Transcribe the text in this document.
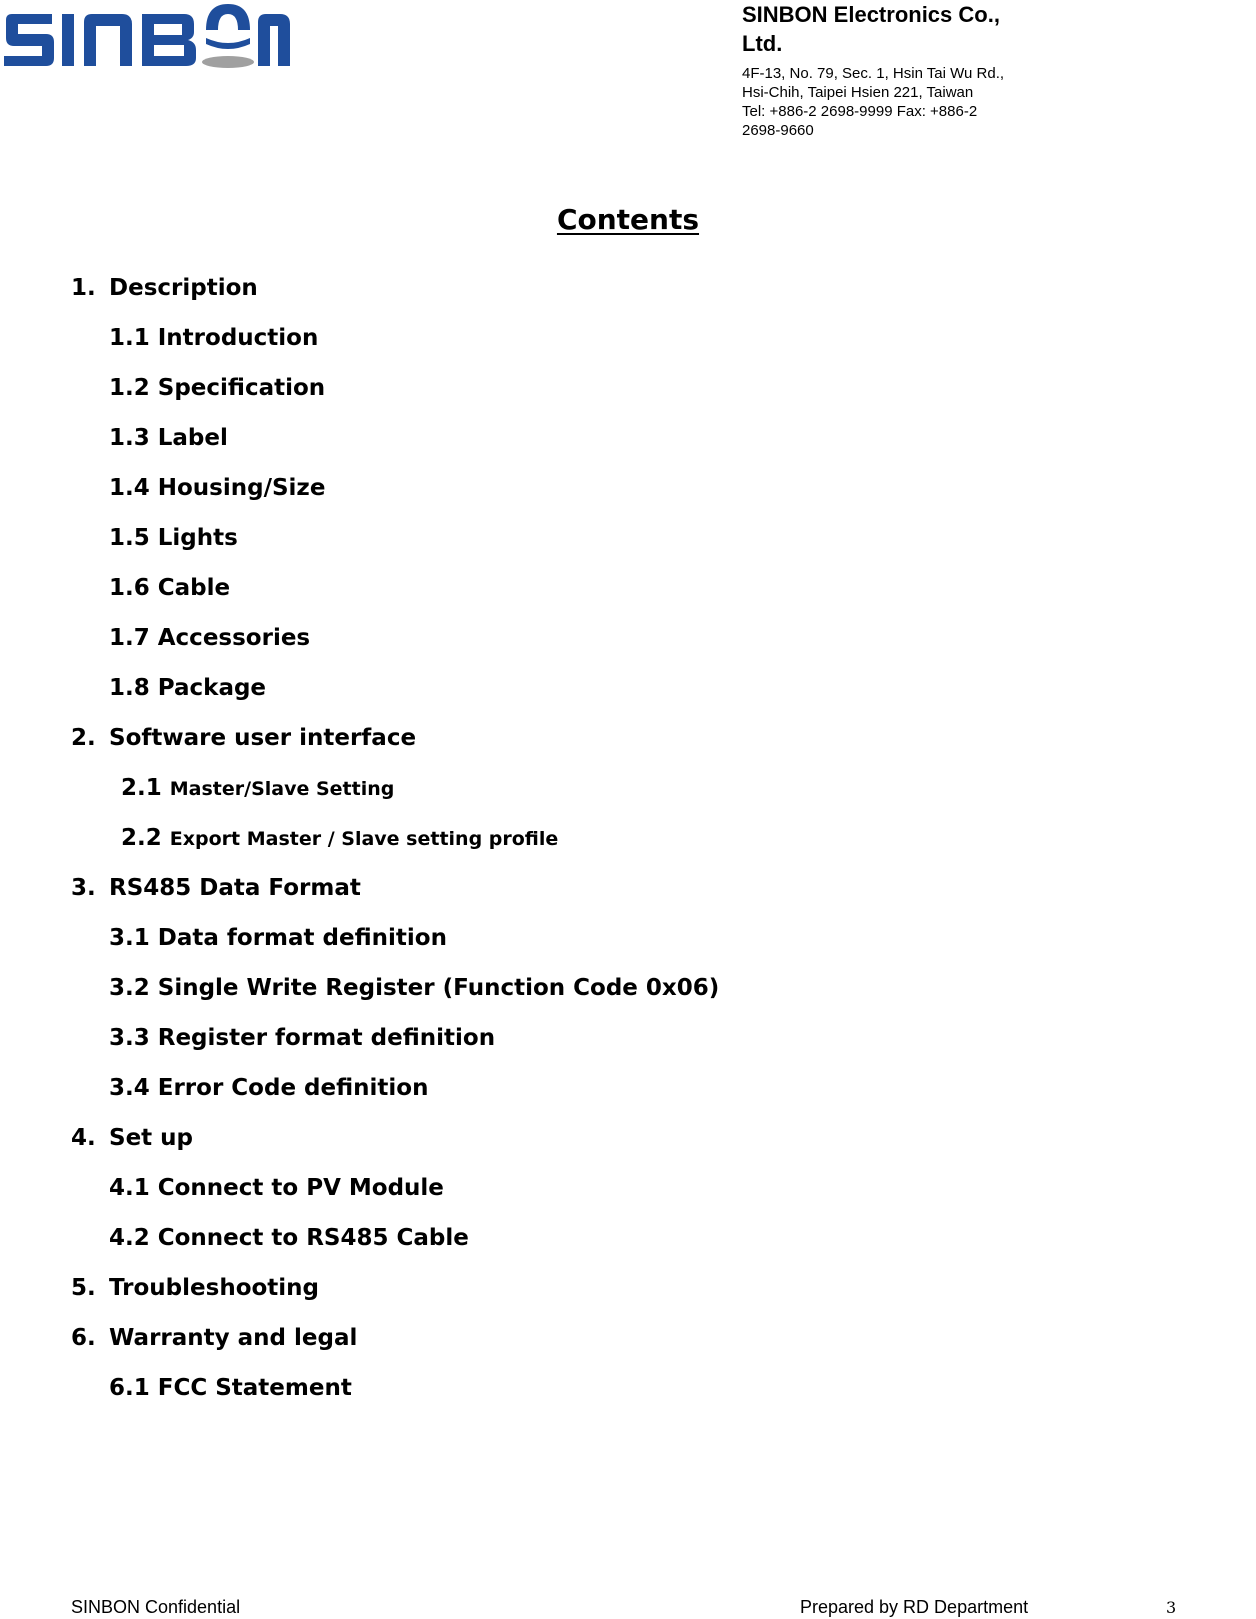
SINBON Electronics Co.,
Ltd.
4F-13, No. 79, Sec. 1, Hsin Tai Wu Rd.,
Hsi-Chih, Taipei Hsien 221, Taiwan
Tel: +886-2 2698-9999 Fax: +886-2
2698-9660
Contents
1. Description
1.1 Introduction
1.2 Specification
1.3 Label
1.4 Housing/Size
1.5 Lights
1.6 Cable
1.7 Accessories
1.8 Package
2. Software user interface
2.1 Master/Slave Setting
2.2 Export Master / Slave setting profile
3. RS485 Data Format
3.1 Data format definition
3.2 Single Write Register (Function Code 0x06)
3.3 Register format definition
3.4 Error Code definition
4. Set up
4.1 Connect to PV Module
4.2 Connect to RS485 Cable
5. Troubleshooting
6. Warranty and legal
6.1 FCC Statement
SINBON Confidential	Prepared by RD Department	3
